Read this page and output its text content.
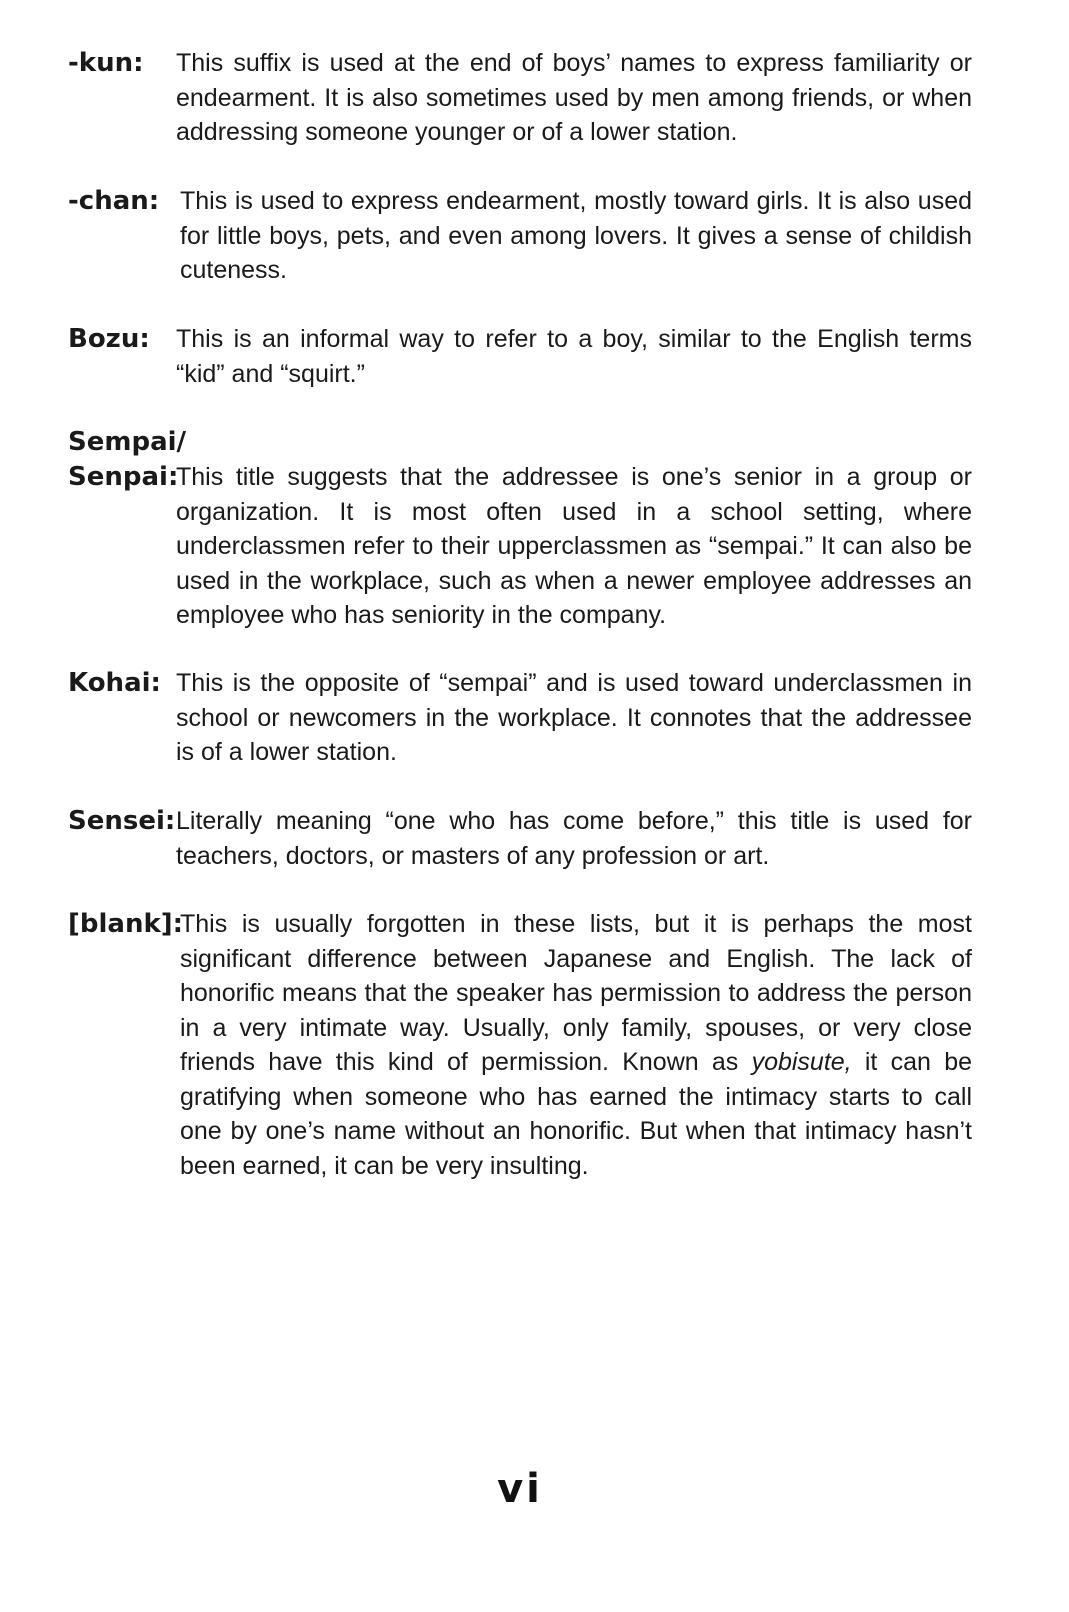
-kun: This suffix is used at the end of boys’ names to express familiarity or endearment. It is also sometimes used by men among friends, or when addressing someone younger or of a lower station.
-chan: This is used to express endearment, mostly toward girls. It is also used for little boys, pets, and even among lovers. It gives a sense of childish cuteness.
Bozu: This is an informal way to refer to a boy, similar to the English terms “kid” and “squirt.”
Sempai/
Senpai:
This title suggests that the addressee is one’s senior in a group or organization. It is most often used in a school setting, where underclassmen refer to their upperclassmen as “sempai.” It can also be used in the workplace, such as when a newer employee addresses an employee who has seniority in the company.
Kohai: This is the opposite of “sempai” and is used toward underclassmen in school or newcomers in the workplace. It connotes that the addressee is of a lower station.
Sensei: Literally meaning “one who has come before,” this title is used for teachers, doctors, or masters of any profession or art.
[blank]:
This is usually forgotten in these lists, but it is perhaps the most significant difference between Japanese and English. The lack of honorific means that the speaker has permission to address the person in a very intimate way. Usually, only family, spouses, or very close friends have this kind of permission. Known as yobisute, it can be gratifying when someone who has earned the intimacy starts to call one by one’s name without an honorific. But when that intimacy hasn’t been earned, it can be very insulting.
vi
